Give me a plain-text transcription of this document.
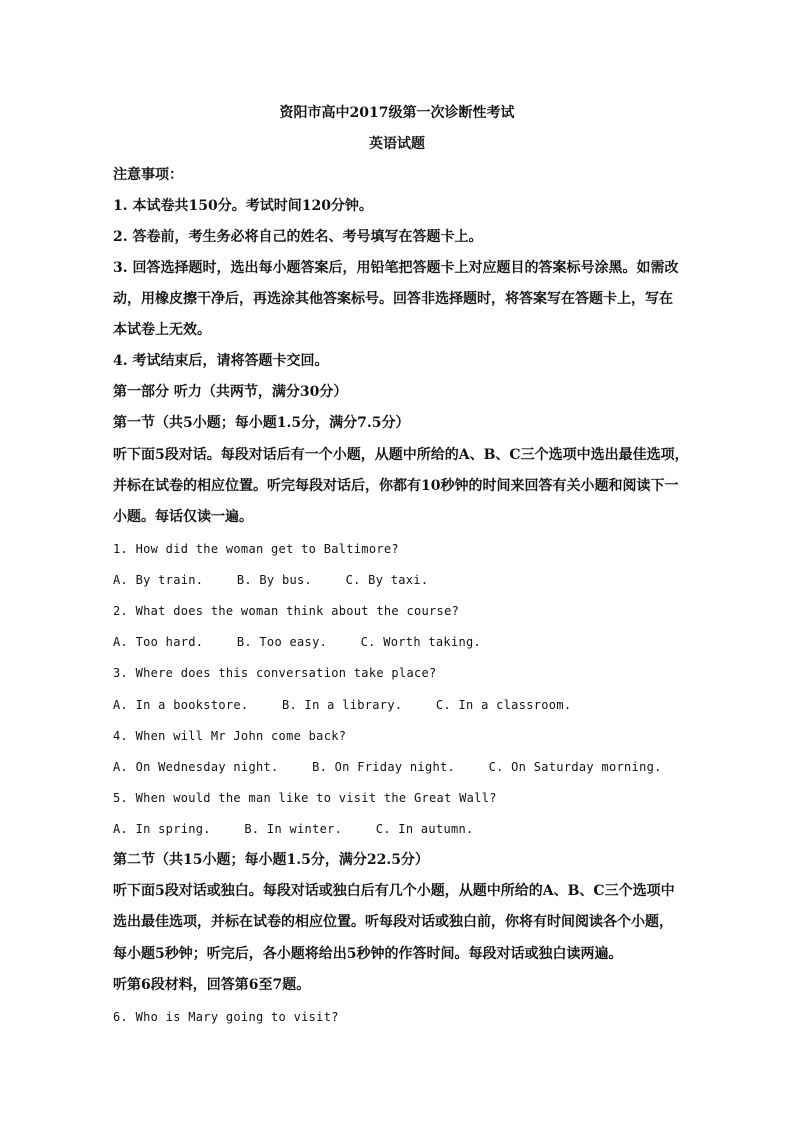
资阳市高中2017级第一次诊断性考试
英语试题
注意事项：
1. 本试卷共150分。考试时间120分钟。
2. 答卷前，考生务必将自己的姓名、考号填写在答题卡上。
3. 回答选择题时，选出每小题答案后，用铅笔把答题卡上对应题目的答案标号涂黑。如需改
动，用橡皮擦干净后，再选涂其他答案标号。回答非选择题时，将答案写在答题卡上，写在
本试卷上无效。
4. 考试结束后，请将答题卡交回。
第一部分 听力（共两节，满分30分）
第一节（共5小题；每小题1.5分，满分7.5分）
听下面5段对话。每段对话后有一个小题，从题中所给的A、B、C三个选项中选出最佳选项，
并标在试卷的相应位置。听完每段对话后，你都有10秒钟的时间来回答有关小题和阅读下一
小题。每话仅读一遍。
1. How did the woman get to Baltimore?
A. By train.	B. By bus.	C. By taxi.
2. What does the woman think about the course?
A. Too hard.	B. Too easy.	C. Worth taking.
3. Where does this conversation take place?
A. In a bookstore.	B. In a library.	C. In a classroom.
4. When will Mr John come back?
A. On Wednesday night.	B. On Friday night.	C. On Saturday morning.
5. When would the man like to visit the Great Wall?
A. In spring.	B. In winter.	C. In autumn.
第二节（共15小题；每小题1.5分，满分22.5分）
听下面5段对话或独白。每段对话或独白后有几个小题，从题中所给的A、B、C三个选项中
选出最佳选项，并标在试卷的相应位置。听每段对话或独白前，你将有时间阅读各个小题，
每小题5秒钟；听完后，各小题将给出5秒钟的作答时间。每段对话或独白读两遍。
听第6段材料，回答第6至7题。
6. Who is Mary going to visit?
